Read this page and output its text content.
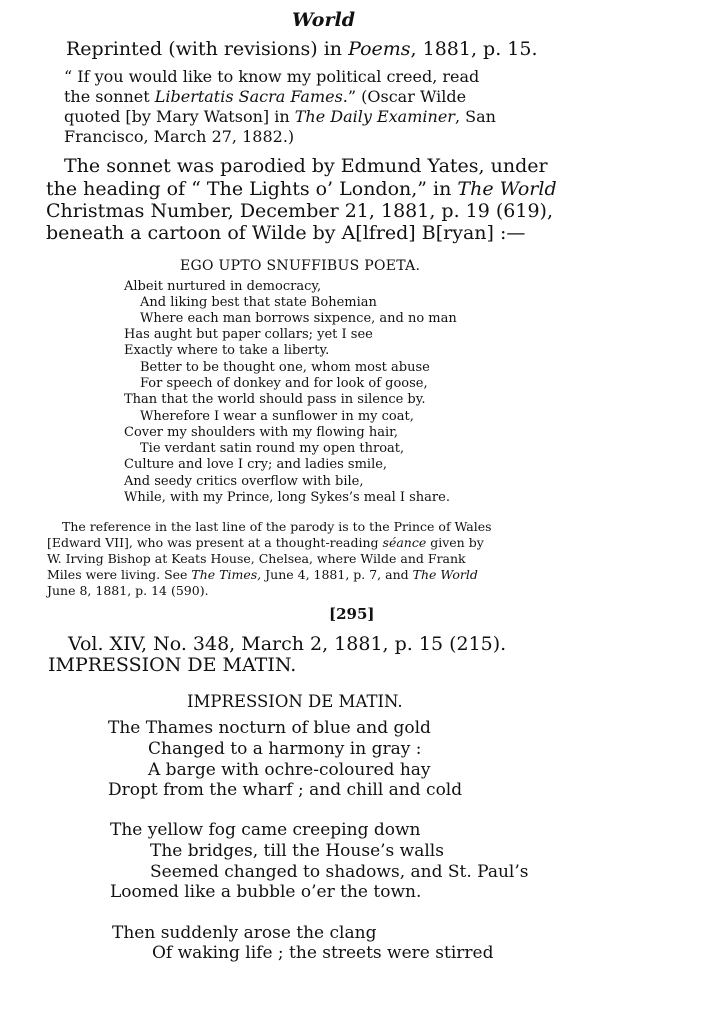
World
Reprinted (with revisions) in Poems, 1881, p. 15.
“ If you would like to know my political creed, read
the sonnet Libertatis Sacra Fames.” (Oscar Wilde
quoted [by Mary Watson] in The Daily Examiner, San
Francisco, March 27, 1882.)
The sonnet was parodied by Edmund Yates, under
the heading of “ The Lights o’ London,” in The World
Christmas Number, December 21, 1881, p. 19 (619),
beneath a cartoon of Wilde by A[lfred] B[ryan] :—
EGO UPTO SNUFFIBUS POETA.
Albeit nurtured in democracy,
And liking best that state Bohemian
Where each man borrows sixpence, and no man
Has aught but paper collars; yet I see
Exactly where to take a liberty.
Better to be thought one, whom most abuse
For speech of donkey and for look of goose,
Than that the world should pass in silence by.
Wherefore I wear a sunflower in my coat,
Cover my shoulders with my flowing hair,
Tie verdant satin round my open throat,
Culture and love I cry; and ladies smile,
And seedy critics overflow with bile,
While, with my Prince, long Sykes’s meal I share.
The reference in the last line of the parody is to the Prince of Wales
[Edward VII], who was present at a thought-reading séance given by
W. Irving Bishop at Keats House, Chelsea, where Wilde and Frank
Miles were living. See The Times, June 4, 1881, p. 7, and The World
June 8, 1881, p. 14 (590).
[295]
Vol. XIV, No. 348, March 2, 1881, p. 15 (215).
IMPRESSION DE MATIN.
IMPRESSION DE MATIN.
The Thames nocturn of blue and gold
Changed to a harmony in gray :
A barge with ochre-coloured hay
Dropt from the wharf ; and chill and cold
The yellow fog came creeping down
The bridges, till the House’s walls
Seemed changed to shadows, and St. Paul’s
Loomed like a bubble o’er the town.
Then suddenly arose the clang
Of waking life ; the streets were stirred
